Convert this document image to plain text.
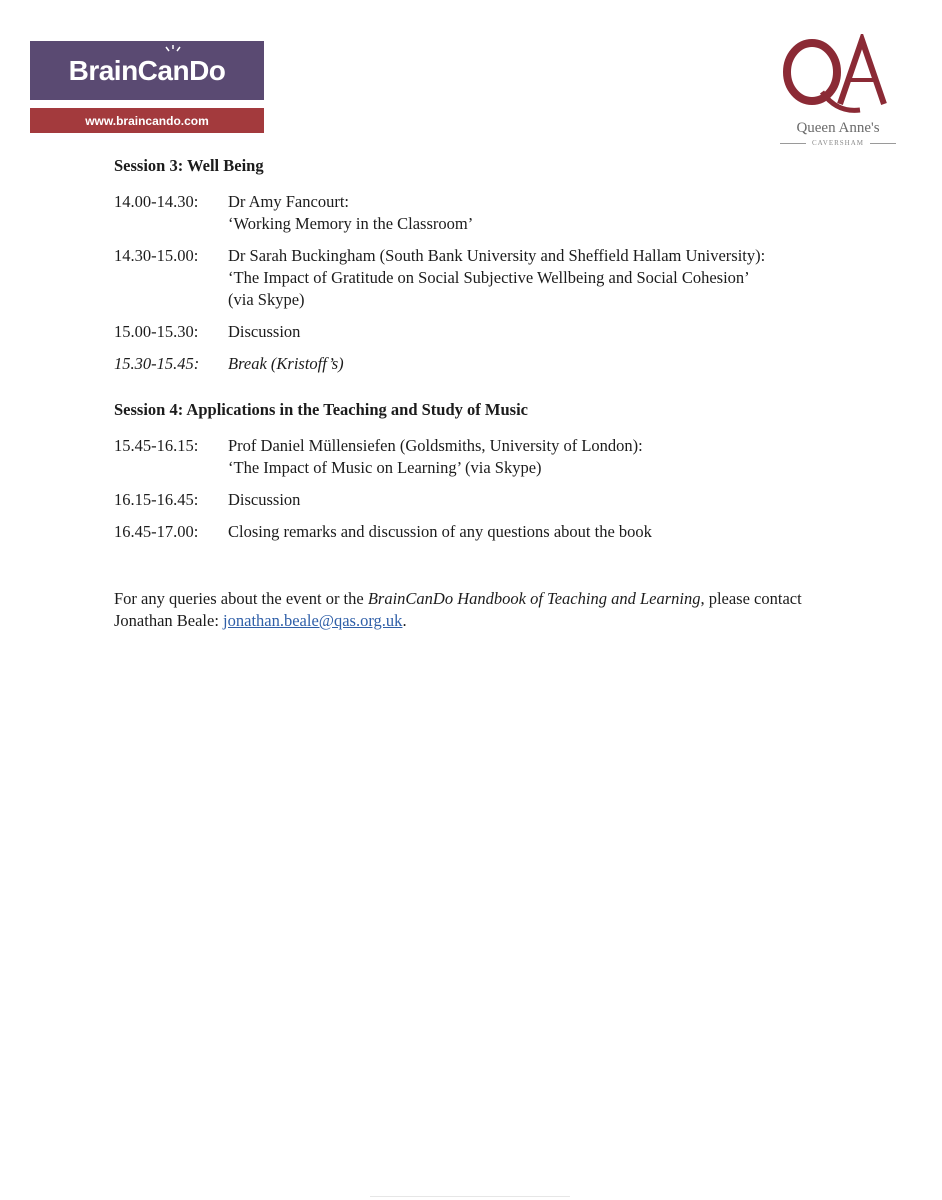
BrainCanDo
www.braincando.com	Queen Anne's
CAVERSHAM
Session 3: Well Being
14.00-14.30:	Dr Amy Fancourt:
‘Working Memory in the Classroom’
14.30-15.00:	Dr Sarah Buckingham (South Bank University and Sheffield Hallam University):
‘The Impact of Gratitude on Social Subjective Wellbeing and Social Cohesion’
(via Skype)
15.00-15.30:	Discussion
15.30-15.45:	Break (Kristoff’s)
Session 4: Applications in the Teaching and Study of Music
15.45-16.15:	Prof Daniel Müllensiefen (Goldsmiths, University of London):
‘The Impact of Music on Learning’ (via Skype)
16.15-16.45:	Discussion
16.45-17.00:	Closing remarks and discussion of any questions about the book
For any queries about the event or the BrainCanDo Handbook of Teaching and Learning, please contact Jonathan Beale: jonathan.beale@qas.org.uk.
